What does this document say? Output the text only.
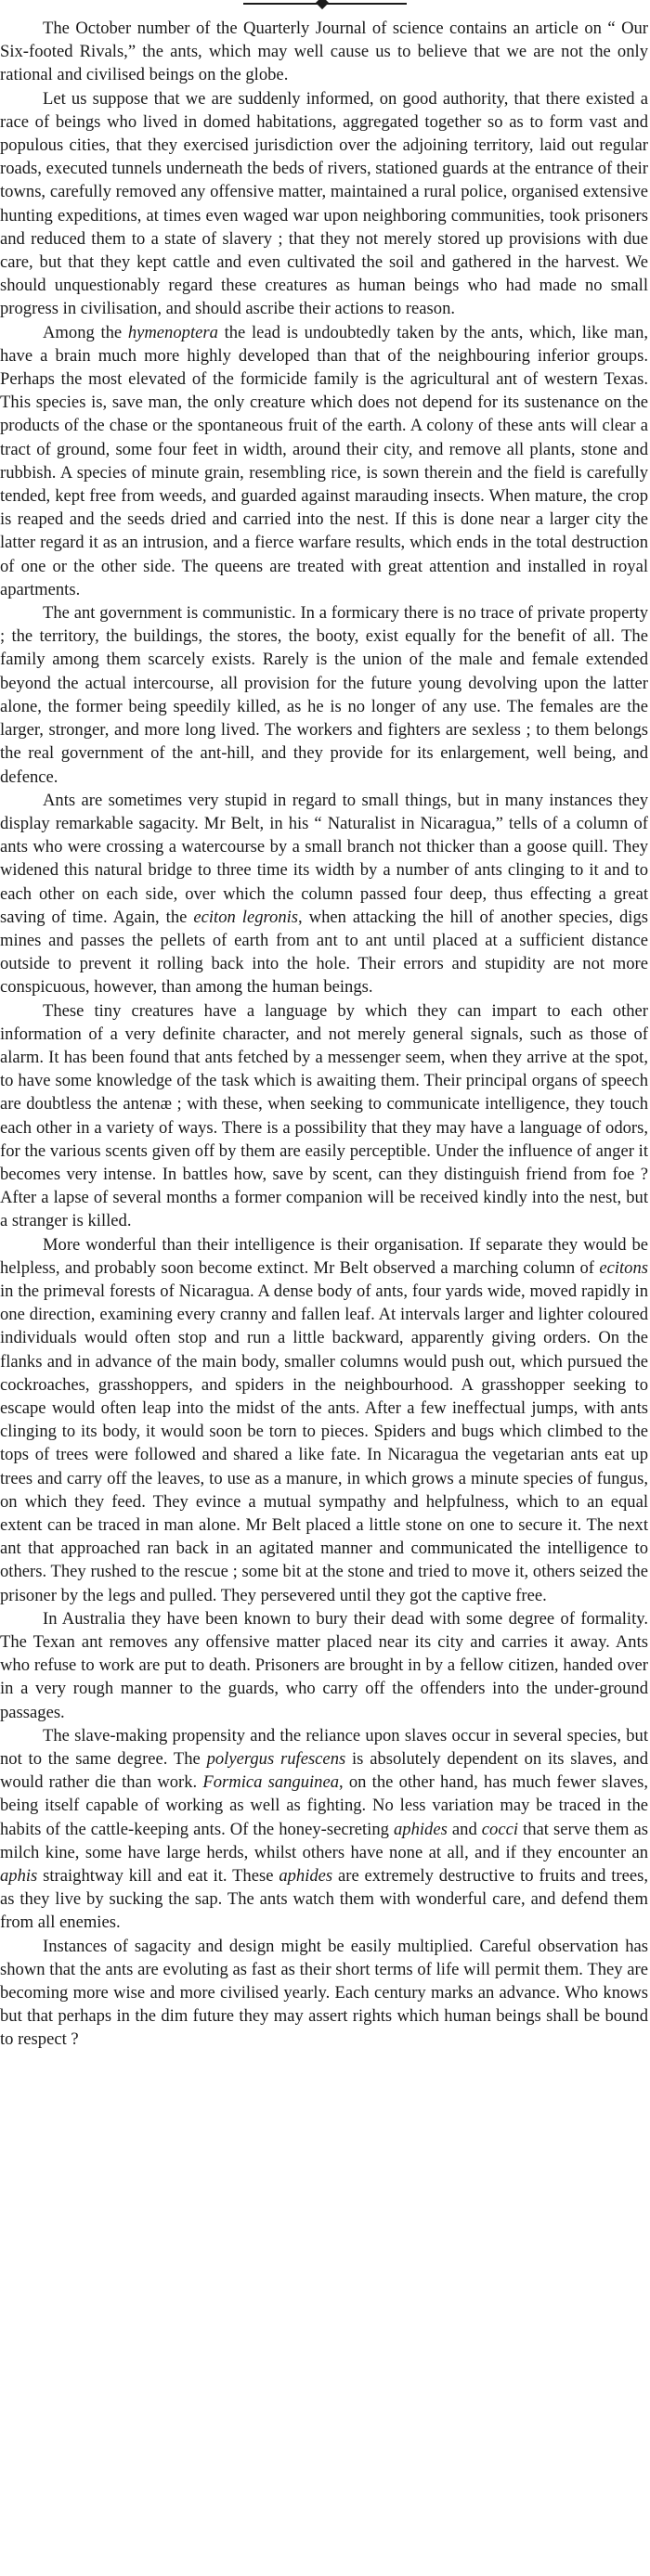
The October number of the Quarterly Journal of science contains an article on “ Our Six-footed Rivals,” the ants, which may well cause us to believe that we are not the only rational and civilised beings on the globe.

Let us suppose that we are suddenly informed, on good authority, that there existed a race of beings who lived in domed habitations, aggregated together so as to form vast and populous cities, that they exercised jurisdiction over the adjoining territory, laid out regular roads, executed tunnels underneath the beds of rivers, stationed guards at the entrance of their towns, carefully removed any offensive matter, maintained a rural police, organised extensive hunting expeditions, at times even waged war upon neighboring communities, took prisoners and reduced them to a state of slavery ; that they not merely stored up provisions with due care, but that they kept cattle and even cultivated the soil and gathered in the harvest. We should unquestionably regard these creatures as human beings who had made no small progress in civilisation, and should ascribe their actions to reason.

Among the hymenoptera the lead is undoubtedly taken by the ants, which, like man, have a brain much more highly developed than that of the neighbouring inferior groups. Perhaps the most elevated of the formicide family is the agricultural ant of western Texas. This species is, save man, the only creature which does not depend for its sustenance on the products of the chase or the spontaneous fruit of the earth. A colony of these ants will clear a tract of ground, some four feet in width, around their city, and remove all plants, stone and rubbish. A species of minute grain, resembling rice, is sown therein and the field is carefully tended, kept free from weeds, and guarded against marauding insects. When mature, the crop is reaped and the seeds dried and carried into the nest. If this is done near a larger city the latter regard it as an intrusion, and a fierce warfare results, which ends in the total destruction of one or the other side. The queens are treated with great attention and installed in royal apartments.

The ant government is communistic. In a formicary there is no trace of private property ; the territory, the buildings, the stores, the booty, exist equally for the benefit of all. The family among them scarcely exists. Rarely is the union of the male and female extended beyond the actual intercourse, all provision for the future young devolving upon the latter alone, the former being speedily killed, as he is no longer of any use. The females are the larger, stronger, and more long lived. The workers and fighters are sexless ; to them belongs the real government of the ant-hill, and they provide for its enlargement, well being, and defence.

Ants are sometimes very stupid in regard to small things, but in many instances they display remarkable sagacity. Mr Belt, in his “ Naturalist in Nicaragua,” tells of a column of ants who were crossing a watercourse by a small branch not thicker than a goose quill. They widened this natural bridge to three time its width by a number of ants clinging to it and to each other on each side, over which the column passed four deep, thus effecting a great saving of time. Again, the eciton legronis, when attacking the hill of another species, digs mines and passes the pellets of earth from ant to ant until placed at a sufficient distance outside to prevent it rolling back into the hole. Their errors and stupidity are not more conspicuous, however, than among the human beings.

These tiny creatures have a language by which they can impart to each other information of a very definite character, and not merely general signals, such as those of alarm. It has been found that ants fetched by a messenger seem, when they arrive at the spot, to have some knowledge of the task which is awaiting them. Their principal organs of speech are doubtless the antenæ ; with these, when seeking to communicate intelligence, they touch each other in a variety of ways. There is a possibility that they may have a language of odors, for the various scents given off by them are easily perceptible. Under the influence of anger it becomes very intense. In battles how, save by scent, can they distinguish friend from foe ? After a lapse of several months a former companion will be received kindly into the nest, but a stranger is killed.

More wonderful than their intelligence is their organisation. If separate they would be helpless, and probably soon become extinct. Mr Belt observed a marching column of ecitons in the primeval forests of Nicaragua. A dense body of ants, four yards wide, moved rapidly in one direction, examining every cranny and fallen leaf. At intervals larger and lighter coloured individuals would often stop and run a little backward, apparently giving orders. On the flanks and in advance of the main body, smaller columns would push out, which pursued the cockroaches, grasshoppers, and spiders in the neighbourhood. A grasshopper seeking to escape would often leap into the midst of the ants. After a few ineffectual jumps, with ants clinging to its body, it would soon be torn to pieces. Spiders and bugs which climbed to the tops of trees were followed and shared a like fate. In Nicaragua the vegetarian ants eat up trees and carry off the leaves, to use as a manure, in which grows a minute species of fungus, on which they feed. They evince a mutual sympathy and helpfulness, which to an equal extent can be traced in man alone. Mr Belt placed a little stone on one to secure it. The next ant that approached ran back in an agitated manner and communicated the intelligence to others. They rushed to the rescue ; some bit at the stone and tried to move it, others seized the prisoner by the legs and pulled. They persevered until they got the captive free.

In Australia they have been known to bury their dead with some degree of formality. The Texan ant removes any offensive matter placed near its city and carries it away. Ants who refuse to work are put to death. Prisoners are brought in by a fellow citizen, handed over in a very rough manner to the guards, who carry off the offenders into the under-ground passages.

The slave-making propensity and the reliance upon slaves occur in several species, but not to the same degree. The polyergus rufescens is absolutely dependent on its slaves, and would rather die than work. Formica sanguinea, on the other hand, has much fewer slaves, being itself capable of working as well as fighting. No less variation may be traced in the habits of the cattle-keeping ants. Of the honey-secreting aphides and cocci that serve them as milch kine, some have large herds, whilst others have none at all, and if they encounter an aphis straightway kill and eat it. These aphides are extremely destructive to fruits and trees, as they live by sucking the sap. The ants watch them with wonderful care, and defend them from all enemies.

Instances of sagacity and design might be easily multiplied. Careful observation has shown that the ants are evoluting as fast as their short terms of life will permit them. They are becoming more wise and more civilised yearly. Each century marks an advance. Who knows but that perhaps in the dim future they may assert rights which human beings shall be bound to respect ?
